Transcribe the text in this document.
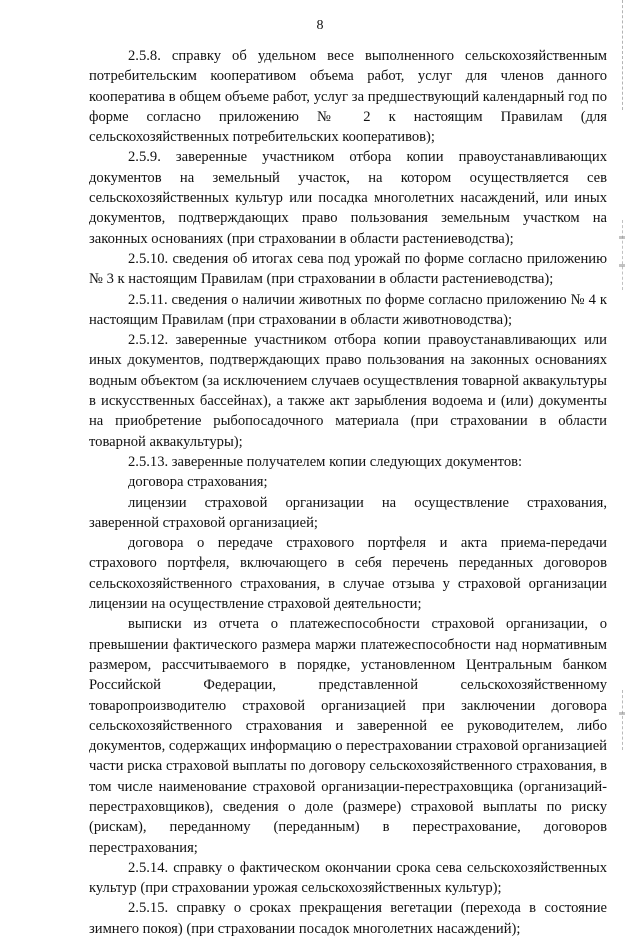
8

2.5.8. справку об удельном весе выполненного сельскохозяйственным потребительским кооперативом объема работ, услуг для членов данного кооператива в общем объеме работ, услуг за предшествующий календарный год по форме согласно приложению № 2 к настоящим Правилам (для сельскохозяйственных потребительских кооперативов);

2.5.9. заверенные участником отбора копии правоустанавливающих документов на земельный участок, на котором осуществляется сев сельскохозяйственных культур или посадка многолетних насаждений, или иных документов, подтверждающих право пользования земельным участком на законных основаниях (при страховании в области растениеводства);

2.5.10. сведения об итогах сева под урожай по форме согласно приложению № 3 к настоящим Правилам (при страховании в области растениеводства);

2.5.11. сведения о наличии животных по форме согласно приложению № 4 к настоящим Правилам (при страховании в области животноводства);

2.5.12. заверенные участником отбора копии правоустанавливающих или иных документов, подтверждающих право пользования на законных основаниях водным объектом (за исключением случаев осуществления товарной аквакультуры в искусственных бассейнах), а также акт зарыбления водоема и (или) документы на приобретение рыбопосадочного материала (при страховании в области товарной аквакультуры);

2.5.13. заверенные получателем копии следующих документов:

договора страхования;

лицензии страховой организации на осуществление страхования, заверенной страховой организацией;

договора о передаче страхового портфеля и акта приема-передачи страхового портфеля, включающего в себя перечень переданных договоров сельскохозяйственного страхования, в случае отзыва у страховой организации лицензии на осуществление страховой деятельности;

выписки из отчета о платежеспособности страховой организации, о превышении фактического размера маржи платежеспособности над нормативным размером, рассчитываемого в порядке, установленном Центральным банком Российской Федерации, представленной сельскохозяйственному товаропроизводителю страховой организацией при заключении договора сельскохозяйственного страхования и заверенной ее руководителем, либо документов, содержащих информацию о перестраховании страховой организацией части риска страховой выплаты по договору сельскохозяйственного страхования, в том числе наименование страховой организации-перестраховщика (организаций-перестраховщиков), сведения о доле (размере) страховой выплаты по риску (рискам), переданному (переданным) в перестрахование, договоров перестрахования;

2.5.14. справку о фактическом окончании срока сева сельскохозяйственных культур (при страховании урожая сельскохозяйственных культур);

2.5.15. справку о сроках прекращения вегетации (перехода в состояние зимнего покоя) (при страховании посадок многолетних насаждений);
